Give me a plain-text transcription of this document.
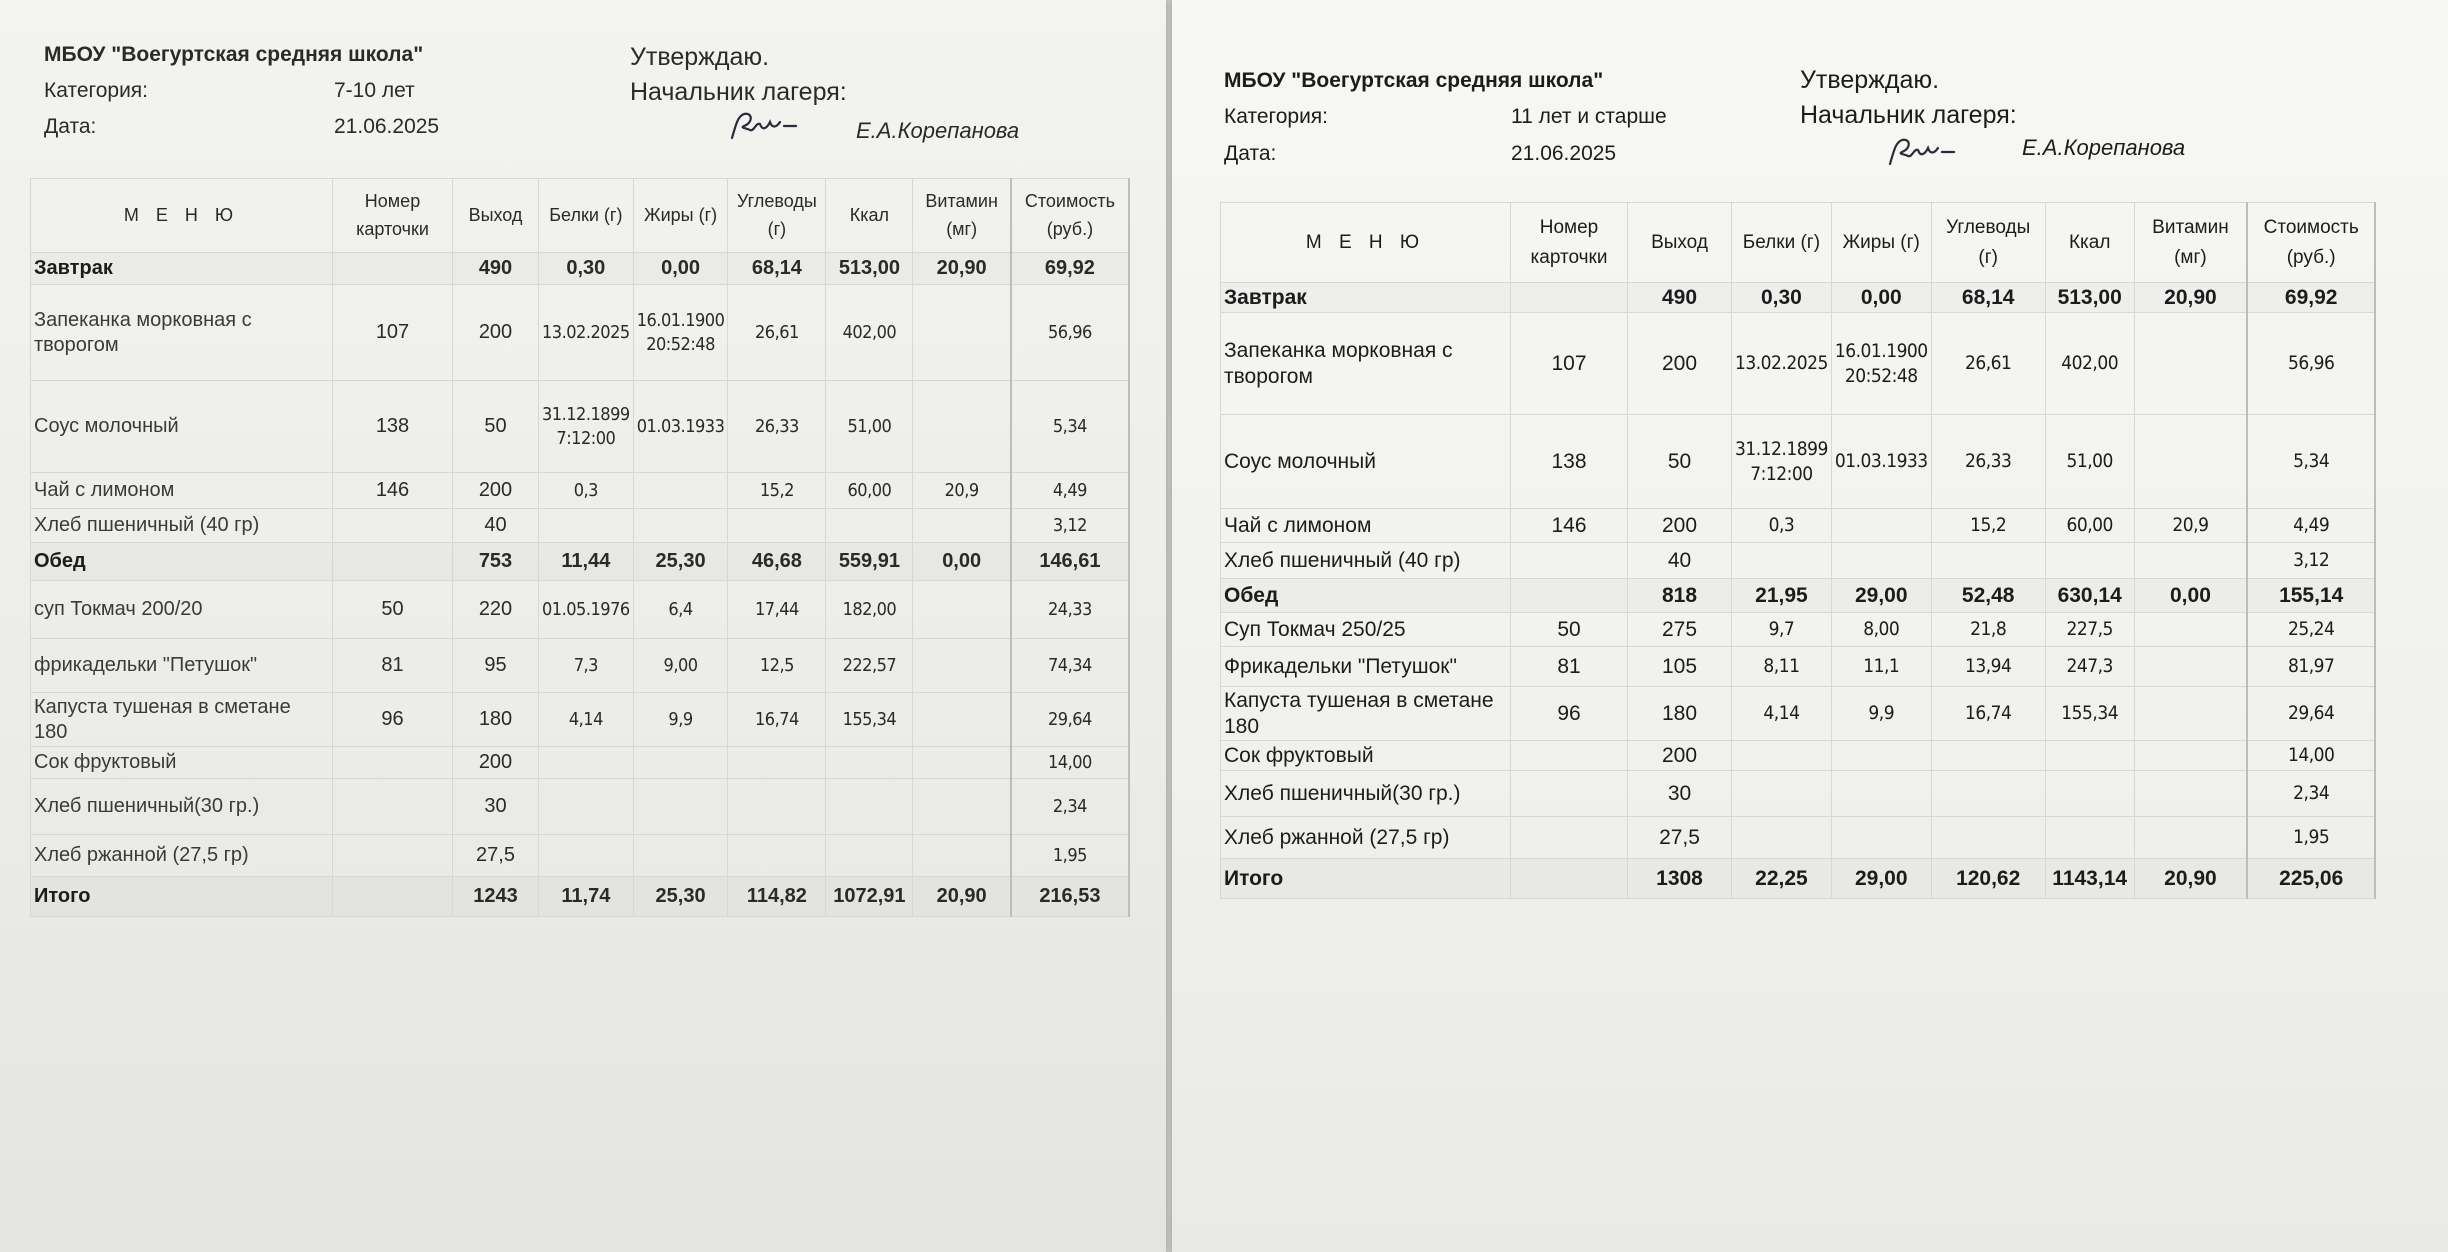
МБОУ "Воегуртская средняя школа"
Категория:	7-10 лет
Дата:	21.06.2025
Утверждаю.
Начальник лагеря:
Е.А.Корепанова
М Е Н Ю	Номер карточки	Выход	Белки (г)	Жиры (г)	Углеводы (г)	Ккал	Витамин (мг)	Стоимость (руб.)
Завтрак		490	0,30	0,00	68,14	513,00	20,90	69,92
Запеканка морковная с творогом	107	200	13.02.2025	16.01.1900 20:52:48	26,61	402,00		56,96
Соус молочный	138	50	31.12.1899 7:12:00	01.03.1933	26,33	51,00		5,34
Чай с лимоном	146	200	0,3		15,2	60,00	20,9	4,49
Хлеб пшеничный (40 гр)		40						3,12
Обед		753	11,44	25,30	46,68	559,91	0,00	146,61
суп Токмач 200/20	50	220	01.05.1976	6,4	17,44	182,00		24,33
фрикадельки "Петушок"	81	95	7,3	9,00	12,5	222,57		74,34
Капуста тушеная в сметане 180	96	180	4,14	9,9	16,74	155,34		29,64
Сок фруктовый		200						14,00
Хлеб пшеничный(30 гр.)		30						2,34
Хлеб ржанной (27,5 гр)		27,5						1,95
Итого		1243	11,74	25,30	114,82	1072,91	20,90	216,53
МБОУ "Воегуртская средняя школа"
Категория:	11 лет и старше
Дата:	21.06.2025
Утверждаю.
Начальник лагеря:
Е.А.Корепанова
М Е Н Ю	Номер карточки	Выход	Белки (г)	Жиры (г)	Углеводы (г)	Ккал	Витамин (мг)	Стоимость (руб.)
Завтрак		490	0,30	0,00	68,14	513,00	20,90	69,92
Запеканка морковная с творогом	107	200	13.02.2025	16.01.1900 20:52:48	26,61	402,00		56,96
Соус молочный	138	50	31.12.1899 7:12:00	01.03.1933	26,33	51,00		5,34
Чай с лимоном	146	200	0,3		15,2	60,00	20,9	4,49
Хлеб пшеничный (40 гр)		40						3,12
Обед		818	21,95	29,00	52,48	630,14	0,00	155,14
Суп Токмач 250/25	50	275	9,7	8,00	21,8	227,5		25,24
Фрикадельки "Петушок"	81	105	8,11	11,1	13,94	247,3		81,97
Капуста тушеная в сметане 180	96	180	4,14	9,9	16,74	155,34		29,64
Сок фруктовый		200						14,00
Хлеб пшеничный(30 гр.)		30						2,34
Хлеб ржанной (27,5 гр)		27,5						1,95
Итого		1308	22,25	29,00	120,62	1143,14	20,90	225,06
